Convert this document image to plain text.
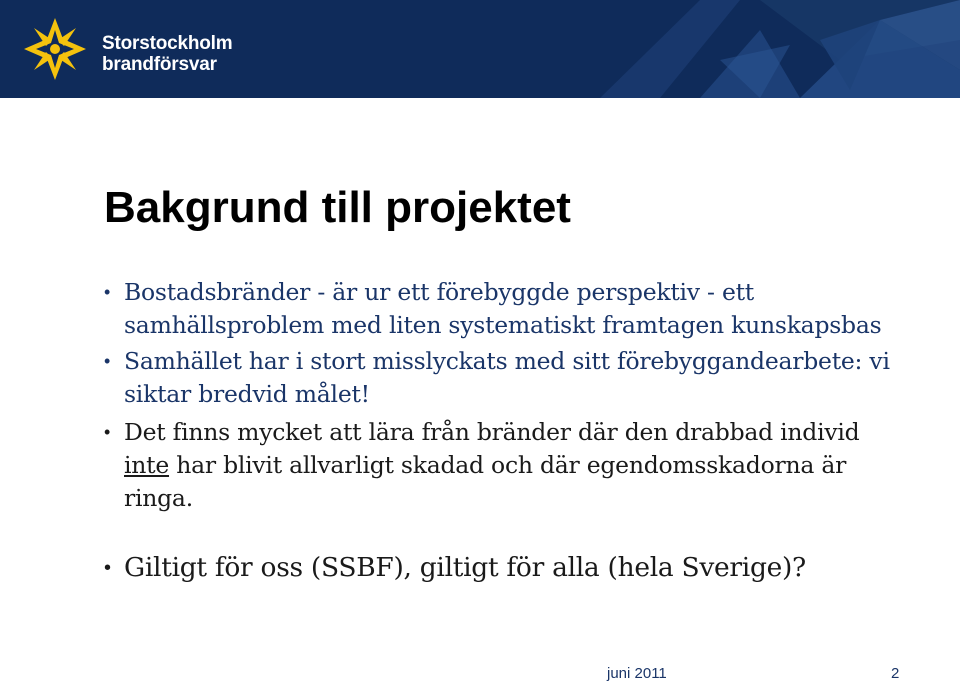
Storstockholm
brandförsvar
Bakgrund till projektet
• Bostadsbränder - är ur ett förebyggde perspektiv - ett samhällsproblem med liten systematiskt framtagen kunskapsbas
• Samhället har i stort misslyckats med sitt förebyggandearbete: vi siktar bredvid målet!
• Det finns mycket att lära från bränder där den drabbad individ inte har blivit allvarligt skadad och där egendomsskadorna är ringa.
• Giltigt för oss (SSBF), giltigt för alla (hela Sverige)?
juni 2011	2
